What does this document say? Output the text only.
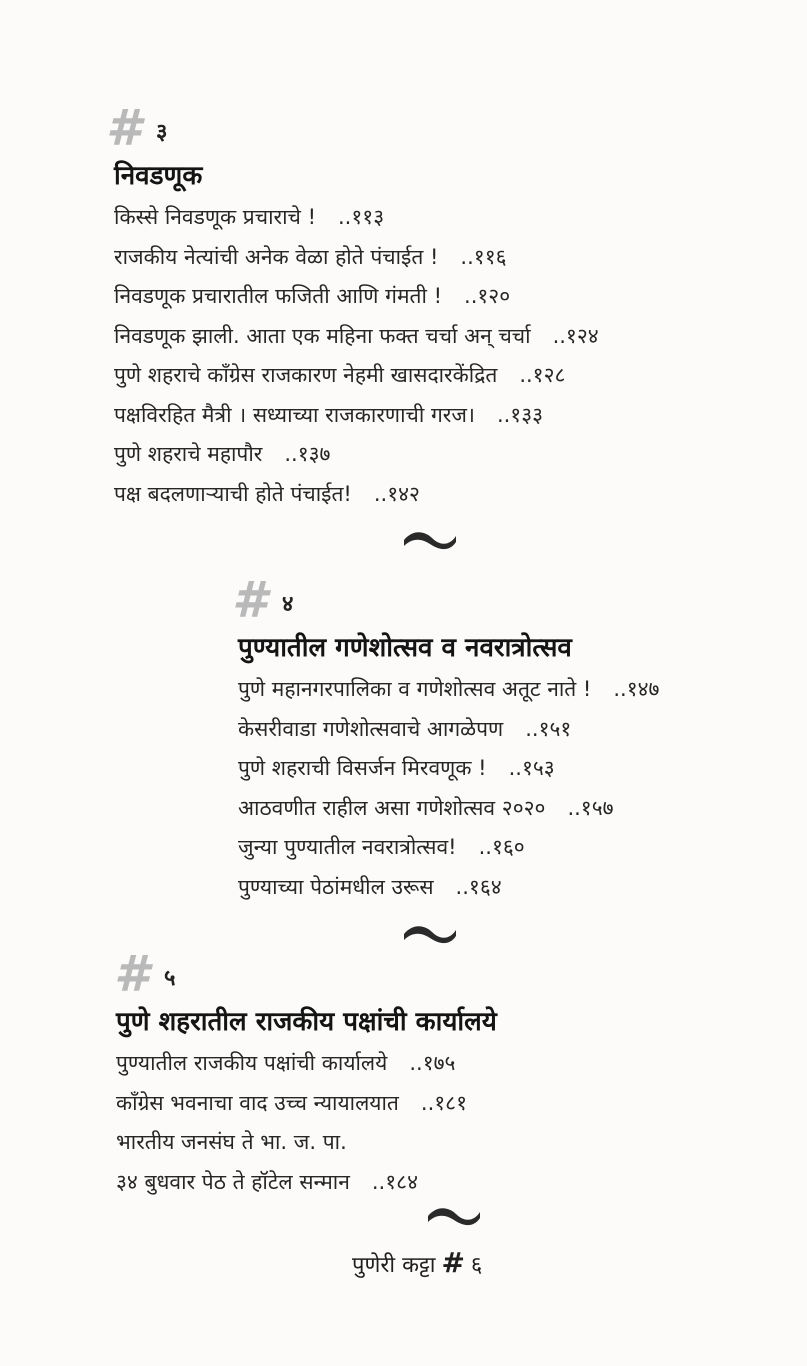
# ३
निवडणूक
किस्से निवडणूक प्रचाराचे ! ..११३
राजकीय नेत्यांची अनेक वेळा होते पंचाईत ! ..११६
निवडणूक प्रचारातील फजिती आणि गंमती ! ..१२०
निवडणूक झाली. आता एक महिना फक्त चर्चा अन् चर्चा ..१२४
पुणे शहराचे काँग्रेस राजकारण नेहमी खासदारकेंद्रित ..१२८
पक्षविरहित मैत्री । सध्याच्या राजकारणाची गरज। ..१३३
पुणे शहराचे महापौर ..१३७
पक्ष बदलणाऱ्याची होते पंचाईत! ..१४२
# ४
पुण्यातील गणेशोत्सव व नवरात्रोत्सव
पुणे महानगरपालिका व गणेशोत्सव अतूट नाते ! ..१४७
केसरीवाडा गणेशोत्सवाचे आगळेपण ..१५१
पुणे शहराची विसर्जन मिरवणूक ! ..१५३
आठवणीत राहील असा गणेशोत्सव २०२० ..१५७
जुन्या पुण्यातील नवरात्रोत्सव! ..१६०
पुण्याच्या पेठांमधील उरूस ..१६४
# ५
पुणे शहरातील राजकीय पक्षांची कार्यालये
पुण्यातील राजकीय पक्षांची कार्यालये ..१७५
काँग्रेस भवनाचा वाद उच्च न्यायालयात ..१८१
भारतीय जनसंघ ते भा. ज. पा.
३४ बुधवार पेठ ते हॉटेल सन्मान ..१८४
पुणेरी कट्टा # ६
